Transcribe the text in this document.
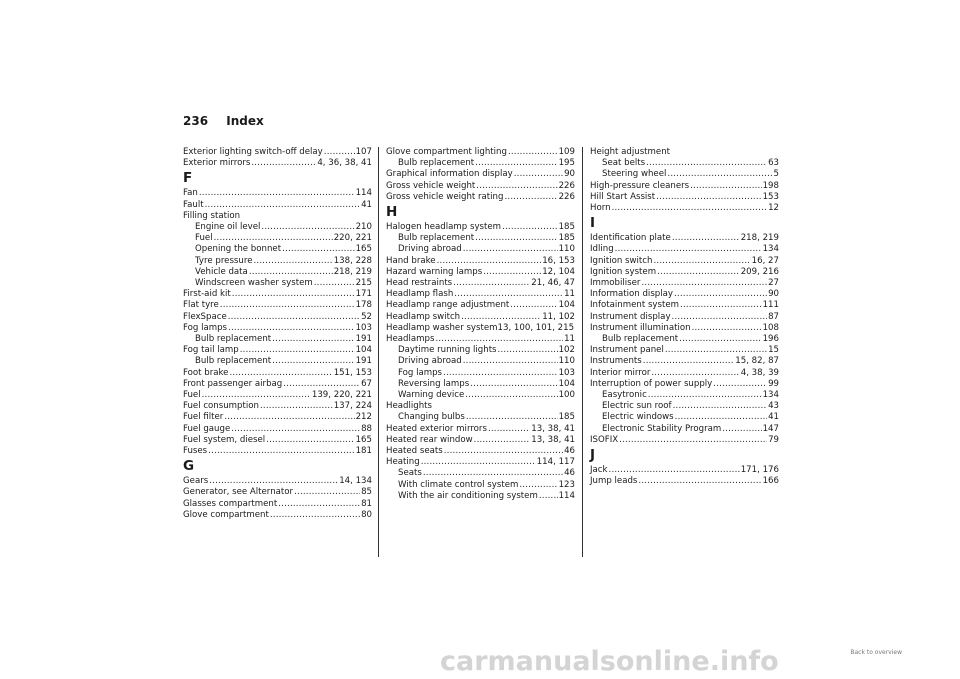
236 Index
Exterior lighting switch-off delay .....	107
Exterior mirrors .....	4, 36, 38, 41
F
Fan .....	114
Fault .....	41
Filling station
Engine oil level .....	210
Fuel .....	220, 221
Opening the bonnet .....	165
Tyre pressure .....	138, 228
Vehicle data .....	218, 219
Windscreen washer system .....	215
First-aid kit .....	171
Flat tyre .....	178
FlexSpace .....	52
Fog lamps .....	103
Bulb replacement .....	191
Fog tail lamp .....	104
Bulb replacement .....	191
Foot brake .....	151, 153
Front passenger airbag .....	67
Fuel .....	139, 220, 221
Fuel consumption .....	137, 224
Fuel filter .....	212
Fuel gauge .....	88
Fuel system, diesel .....	165
Fuses .....	181
G
Gears .....	14, 134
Generator, see Alternator .....	85
Glasses compartment .....	81
Glove compartment .....	80
Glove compartment lighting .....	109
Bulb replacement .....	195
Graphical information display .....	90
Gross vehicle weight .....	226
Gross vehicle weight rating .....	226
H
Halogen headlamp system .....	185
Bulb replacement .....	185
Driving abroad .....	110
Hand brake .....	16, 153
Hazard warning lamps .....	12, 104
Head restraints .....	21, 46, 47
Headlamp flash .....	11
Headlamp range adjustment .....	104
Headlamp switch .....	11, 102
Headlamp washer system 13, 100, 101, 215
Headlamps .....	11
Daytime running lights .....	102
Driving abroad .....	110
Fog lamps .....	103
Reversing lamps .....	104
Warning device .....	100
Headlights
Changing bulbs .....	185
Heated exterior mirrors .....	13, 38, 41
Heated rear window .....	13, 38, 41
Heated seats .....	46
Heating .....	114, 117
Seats .....	46
With climate control system .....	123
With the air conditioning system ..... 114
Height adjustment
Seat belts .....	63
Steering wheel .....	5
High-pressure cleaners .....	198
Hill Start Assist .....	153
Horn .....	12
I
Identification plate .....	218, 219
Idling .....	134
Ignition switch .....	16, 27
Ignition system .....	209, 216
Immobiliser .....	27
Information display .....	90
Infotainment system .....	111
Instrument display .....	87
Instrument illumination .....	108
Bulb replacement .....	196
Instrument panel .....	15
Instruments .....	15, 82, 87
Interior mirror .....	4, 38, 39
Interruption of power supply .....	99
Easytronic .....	134
Electric sun roof .....	43
Electric windows .....	41
Electronic Stability Program .....	147
ISOFIX .....	79
J
Jack .....	171, 176
Jump leads .....	166
Back to overview
carmanualsonline.info
